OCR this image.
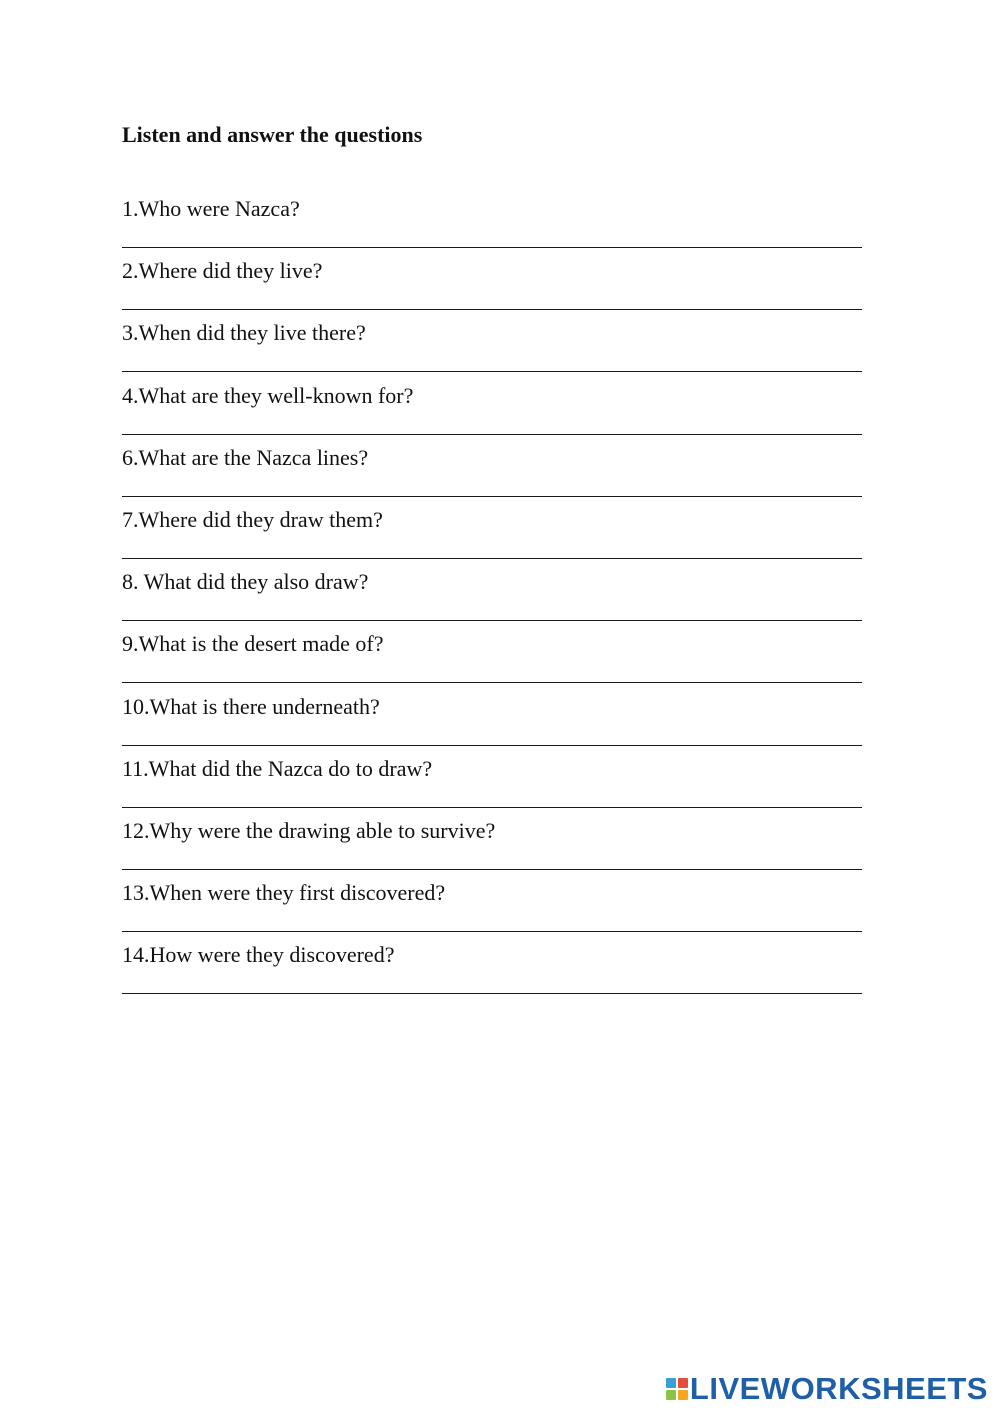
Listen and answer the questions
1.Who were Nazca?
2.Where did they live?
3.When did they live there?
4.What are they well-known for?
6.What are the Nazca lines?
7.Where did they draw them?
8. What did they also draw?
9.What is the desert made of?
10.What is there underneath?
11.What did the Nazca do to draw?
12.Why were the drawing able to survive?
13.When were they first discovered?
14.How were they discovered?
LIVEWORKSHEETS
